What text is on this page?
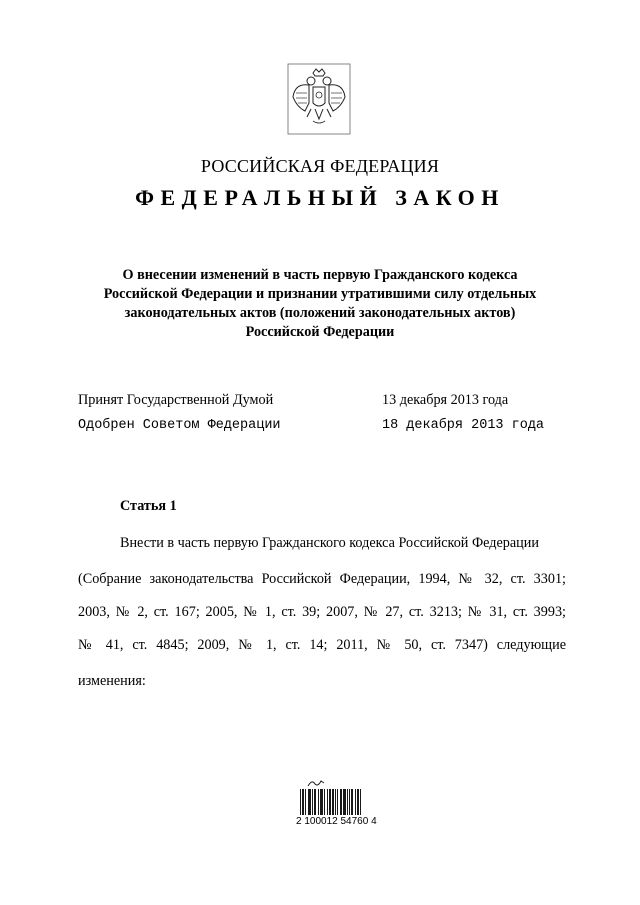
РОССИЙСКАЯ ФЕДЕРАЦИЯ
ФЕДЕРАЛЬНЫЙ ЗАКОН
О внесении изменений в часть первую Гражданского кодекса
Российской Федерации и признании утратившими силу отдельных
законодательных актов (положений законодательных актов)
Российской Федерации
Принят Государственной Думой	13 декабря 2013 года
Одобрен Советом Федерации	18 декабря 2013 года
Статья 1
Внести в часть первую Гражданского кодекса Российской Федерации
(Собрание законодательства Российской Федерации, 1994, № 32, ст. 3301;
2003, № 2, ст. 167; 2005, № 1, ст. 39; 2007, № 27, ст. 3213; № 31, ст. 3993;
№ 41, ст. 4845; 2009, № 1, ст. 14; 2011, № 50, ст. 7347) следующие
изменения:
2 100012 54760 4
